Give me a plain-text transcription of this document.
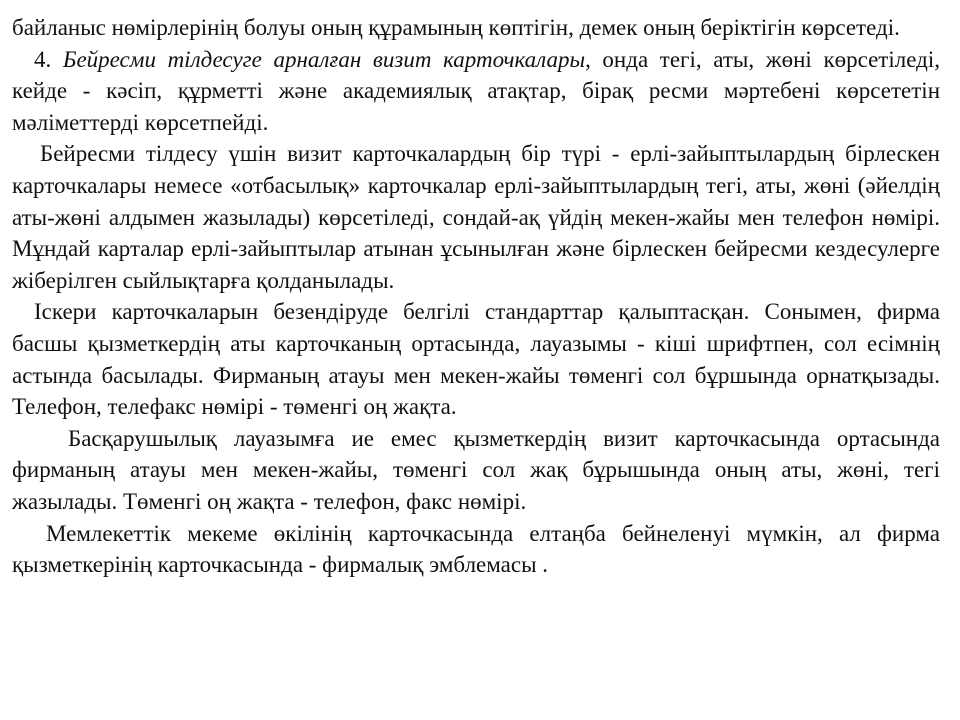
байланыс нөмірлерінің болуы оның құрамының көптігін, демек оның беріктігін көрсетеді.

4. Бейресми тілдесуге арналған визит карточкалары, онда тегі, аты, жөні көрсетіледі, кейде - кәсіп, құрметті және академиялық атақтар, бірақ ресми мәртебені көрсететін мәліметтерді көрсетпейді.

Бейресми тілдесу үшін визит карточкалардың бір түрі - ерлі-зайыптылардың бірлескен карточкалары немесе «отбасылық» карточкалар ерлі-зайыптылардың тегі, аты, жөні (әйелдің аты-жөні алдымен жазылады) көрсетіледі, сондай-ақ үйдің мекен-жайы мен телефон нөмірі. Мұндай карталар ерлі-зайыптылар атынан ұсынылған және бірлескен бейресми кездесулерге жіберілген сыйлықтарға қолданылады.

Іскери карточкаларын безендіруде белгілі стандарттар қалыптасқан. Сонымен, фирма басшы қызметкердің аты карточканың ортасында, лауазымы - кіші шрифтпен, сол есімнің астында басылады. Фирманың атауы мен мекен-жайы төменгі сол бұршында орнатқызады. Телефон, телефакс нөмірі - төменгі оң жақта.

Басқарушылық лауазымға ие емес қызметкердің визит карточкасында ортасында фирманың атауы мен мекен-жайы, төменгі сол жақ бұрышында оның аты, жөні, тегі жазылады. Төменгі оң жақта - телефон, факс нөмірі.

Мемлекеттік мекеме өкілінің карточкасында елтаңба бейнеленуі мүмкін, ал фирма қызметкерінің карточкасында - фирмалық эмблемасы .
